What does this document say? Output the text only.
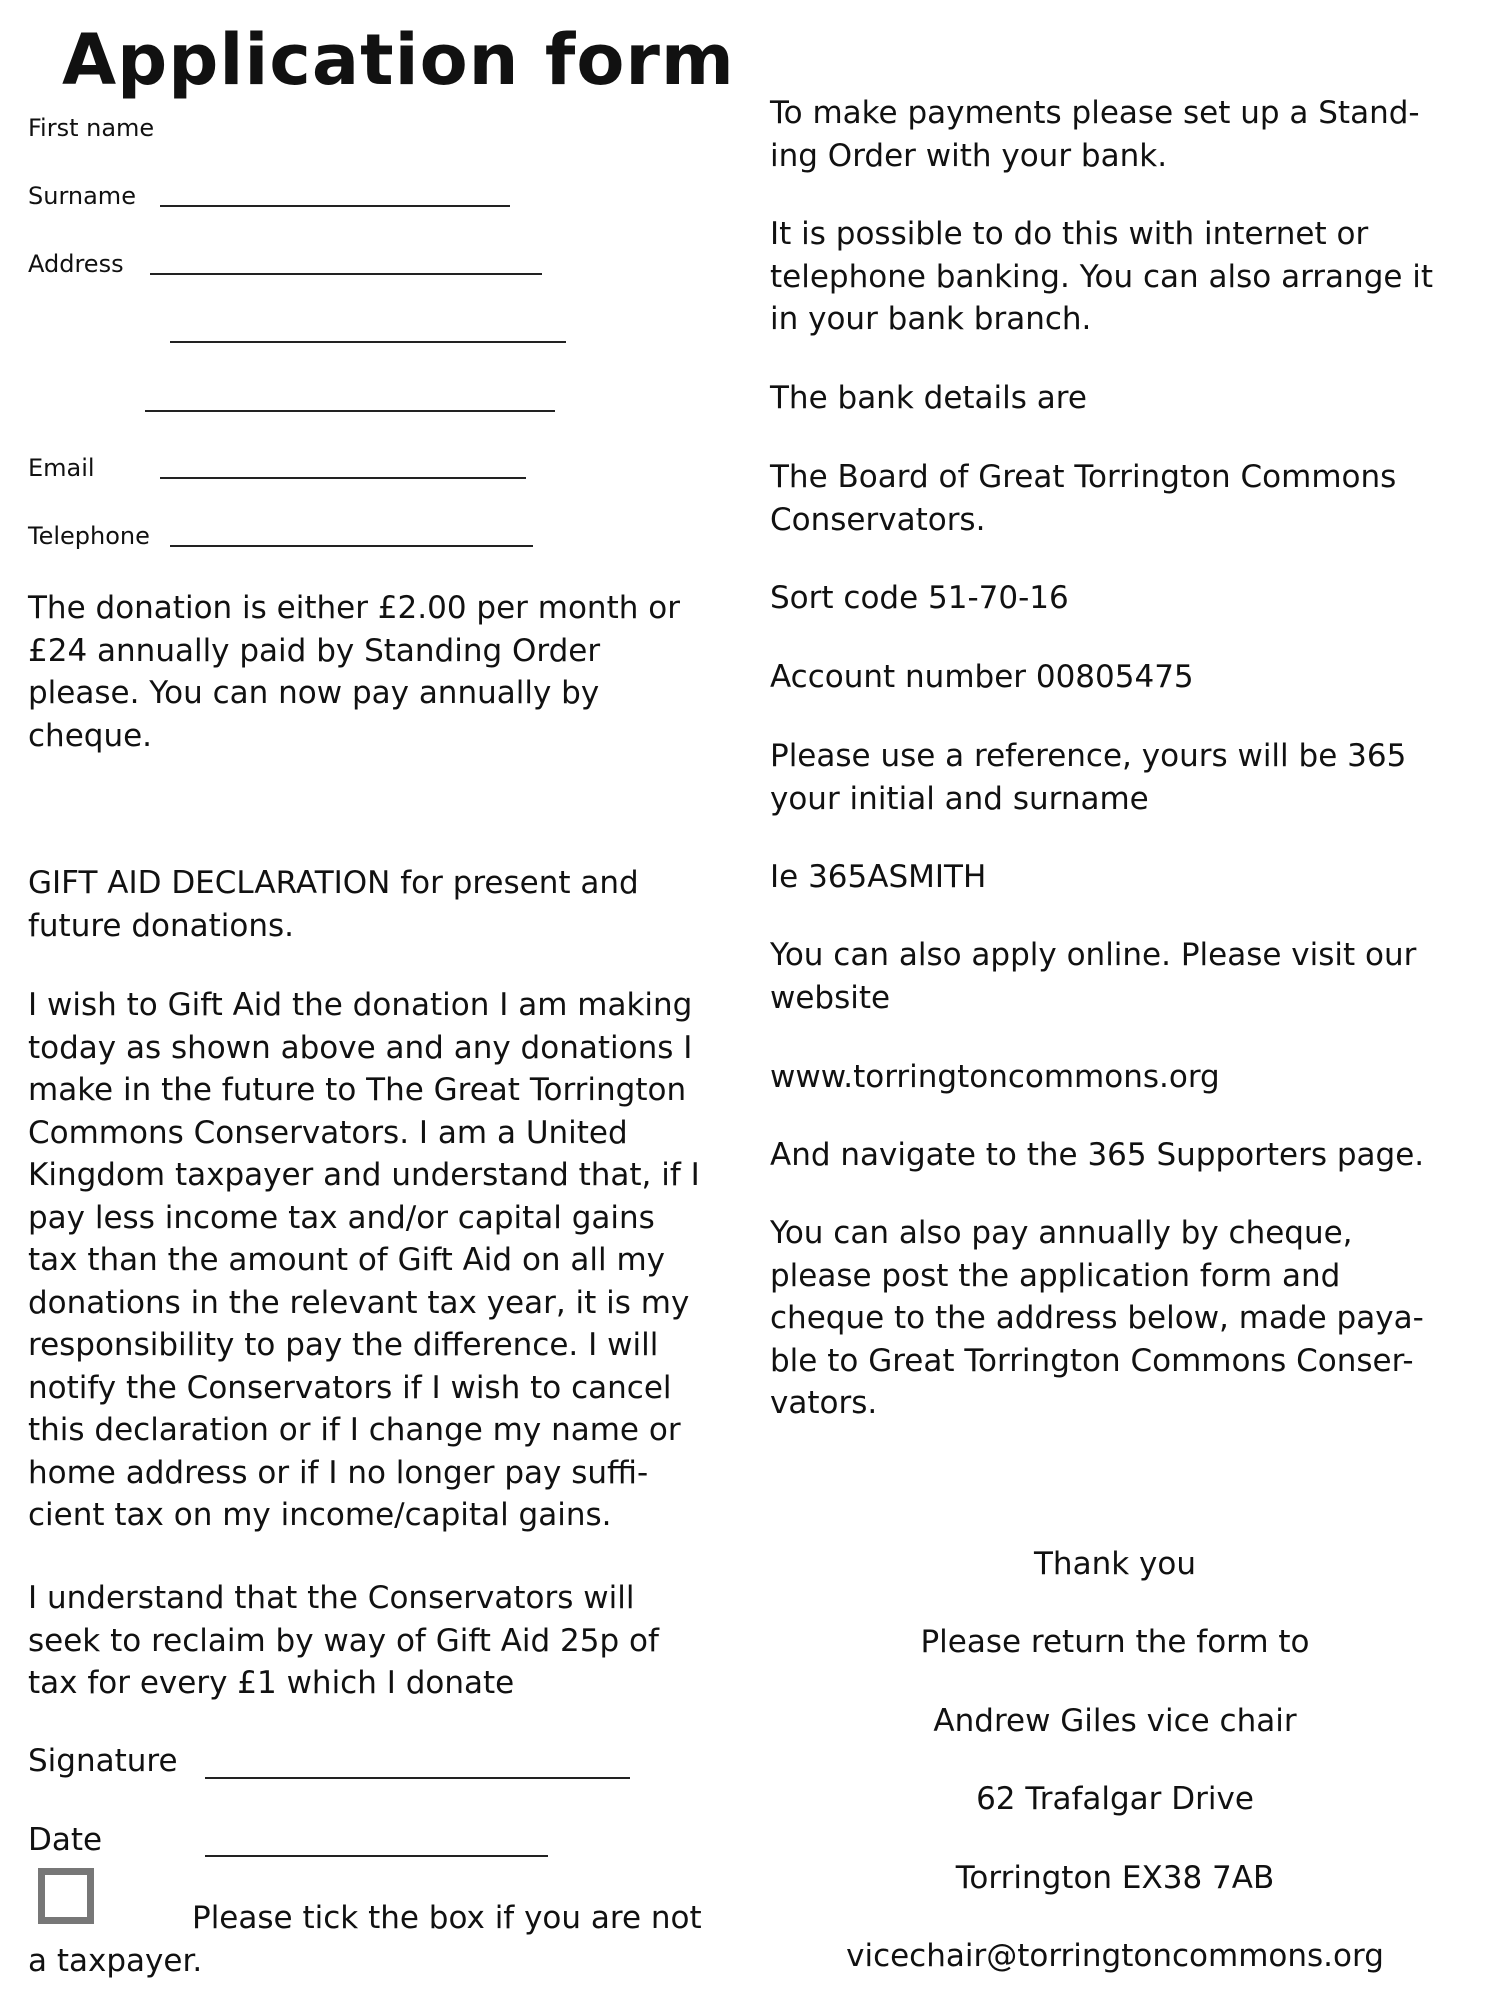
Application form
First name
Surname
Address
Email
Telephone

The donation is either £2.00 per month or
£24 annually paid by Standing Order
please. You can now pay annually by
cheque.

GIFT AID DECLARATION for present and
future donations.

I wish to Gift Aid the donation I am making
today as shown above and any donations I
make in the future to The Great Torrington
Commons Conservators. I am a United
Kingdom taxpayer and understand that, if I
pay less income tax and/or capital gains
tax than the amount of Gift Aid on all my
donations in the relevant tax year, it is my
responsibility to pay the difference. I will
notify the Conservators if I wish to cancel
this declaration or if I change my name or
home address or if I no longer pay suffi-
cient tax on my income/capital gains.

I understand that the Conservators will
seek to reclaim by way of Gift Aid 25p of
tax for every £1 which I donate

Signature
Date
Please tick the box if you are not
a taxpayer.

To make payments please set up a Stand-
ing Order with your bank.

It is possible to do this with internet or
telephone banking. You can also arrange it
in your bank branch.

The bank details are

The Board of Great Torrington Commons
Conservators.

Sort code 51-70-16

Account number 00805475

Please use a reference, yours will be 365
your initial and surname

Ie 365ASMITH

You can also apply online. Please visit our
website

www.torringtoncommons.org

And navigate to the 365 Supporters page.

You can also pay annually by cheque,
please post the application form and
cheque to the address below, made paya-
ble to Great Torrington Commons Conser-
vators.

Thank you

Please return the form to

Andrew Giles vice chair

62 Trafalgar Drive

Torrington EX38 7AB

vicechair@torringtoncommons.org
